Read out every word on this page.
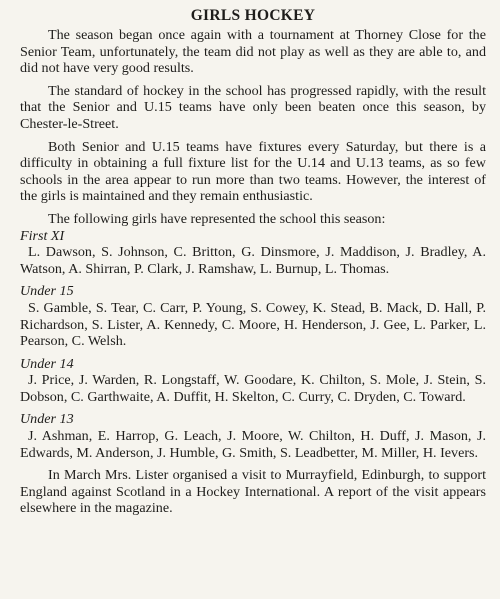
GIRLS HOCKEY

The season began once again with a tournament at Thorney Close for the Senior Team, unfortunately, the team did not play as well as they are able to, and did not have very good results.

The standard of hockey in the school has progressed rapidly, with the result that the Senior and U.15 teams have only been beaten once this season, by Chester-le-Street.

Both Senior and U.15 teams have fixtures every Saturday, but there is a difficulty in obtaining a full fixture list for the U.14 and U.13 teams, as so few schools in the area appear to run more than two teams. However, the interest of the girls is maintained and they remain enthusiastic.

The following girls have represented the school this season:

First XI
L. Dawson, S. Johnson, C. Britton, G. Dinsmore, J. Maddison, J. Bradley, A. Watson, A. Shirran, P. Clark, J. Ramshaw, L. Burnup, L. Thomas.
Under 15
S. Gamble, S. Tear, C. Carr, P. Young, S. Cowey, K. Stead, B. Mack, D. Hall, P. Richardson, S. Lister, A. Kennedy, C. Moore, H. Henderson, J. Gee, L. Parker, L. Pearson, C. Welsh.
Under 14
J. Price, J. Warden, R. Longstaff, W. Goodare, K. Chilton, S. Mole, J. Stein, S. Dobson, C. Garthwaite, A. Duffit, H. Skelton, C. Curry, C. Dryden, C. Toward.
Under 13
J. Ashman, E. Harrop, G. Leach, J. Moore, W. Chilton, H. Duff, J. Mason, J. Edwards, M. Anderson, J. Humble, G. Smith, S. Leadbetter, M. Miller, H. Ievers.

In March Mrs. Lister organised a visit to Murrayfield, Edinburgh, to support England against Scotland in a Hockey International. A report of the visit appears elsewhere in the magazine.
